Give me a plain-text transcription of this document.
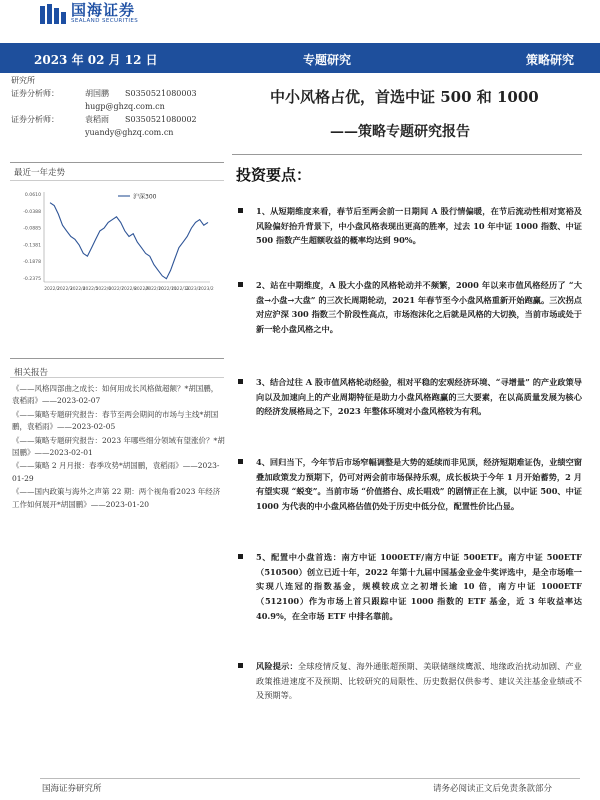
国海证券
SEALAND SECURITIES
2023 年 02 月 12 日	专题研究	策略研究
研究所
证券分析师：	胡国鹏 S0350521080003
hugp@ghzq.com.cn
证券分析师：	袁稻雨 S0350521080002
yuandy@ghzq.com.cn
中小风格占优，首选中证 500 和 1000
——策略专题研究报告
最近一年走势
0.0610
-0.0388
-0.0885
-0.1381
-0.1878
-0.2375
2022/2
2022/3
2022/4
2022/5
2022/6
2022/7
2022/8
2022/9
2022/10
2022/11
2022/12
2023/1
2023/2
沪深300
相关报告

《——风格四部曲之成长：如何用成长风格做超额？*胡国鹏，袁稻雨》——2023-02-07

《——策略专题研究报告：春节至两会期间的市场与主线*胡国鹏，袁稻雨》——2023-02-05

《——策略专题研究报告：2023 年哪些细分领域有望涨价？*胡国鹏》——2023-02-01

《——策略 2 月月报：春季攻势*胡国鹏，袁稻雨》——2023-01-29

《——国内政策与海外之声第 22 期：两个视角看2023 年经济工作如何展开*胡国鹏》——2023-01-20

投资要点：
1、从短期维度来看，春节后至两会前一日期间 A 股行情偏暖，在节后流动性相对宽裕及风险偏好抬升背景下，中小盘风格表现出更高的胜率，过去 10 年中证 1000 指数、中证 500 指数产生超额收益的概率均达到 90%。
2、站在中期维度，A 股大小盘的风格轮动并不频繁，2000 年以来市值风格经历了 “大盘→小盘→大盘” 的三次长周期轮动，2021 年春节至今小盘风格重新开始跑赢。三次拐点对应沪深 300 指数三个阶段性高点，市场泡沫化之后就是风格的大切换，当前市场或处于新一轮小盘风格之中。
3、结合过往 A 股市值风格轮动经验，相对平稳的宏观经济环境、“寻增量” 的产业政策导向以及加速向上的产业周期特征是助力小盘风格跑赢的三大要素，在以高质量发展为核心的经济发展格局之下，2023 年整体环境对小盘风格较为有利。
4、回归当下，今年节后市场窄幅调整是大势的延续而非见顶，经济短期难证伪，业绩空窗叠加政策发力预期下，仍可对两会前市场保持乐观，成长板块于今年 1 月开始蓄势，2 月有望实现 “蜕变”。当前市场 “价值搭台、成长唱戏” 的剧情正在上演，以中证 500、中证 1000 为代表的中小盘风格估值仍处于历史中低分位，配置性价比凸显。
5、配置中小盘首选：南方中证 1000ETF/南方中证 500ETF。南方中证 500ETF（510500）创立已近十年，2022 年第十九届中国基金业金牛奖评选中，是全市场唯一实现八连冠的指数基金，规模较成立之初增长逾 10 倍，南方中证 1000ETF（512100）作为市场上首只跟踪中证 1000 指数的 ETF 基金，近 3 年收益率达 40.9%，在全市场 ETF 中排名靠前。
风险提示：全球疫情反复、海外通胀超预期、美联储继续鹰派、地缘政治扰动加剧、产业政策推进速度不及预期、比较研究的局限性、历史数据仅供参考、建议关注基金业绩或不及预期等。
国海证券研究所	请务必阅读正文后免责条款部分
